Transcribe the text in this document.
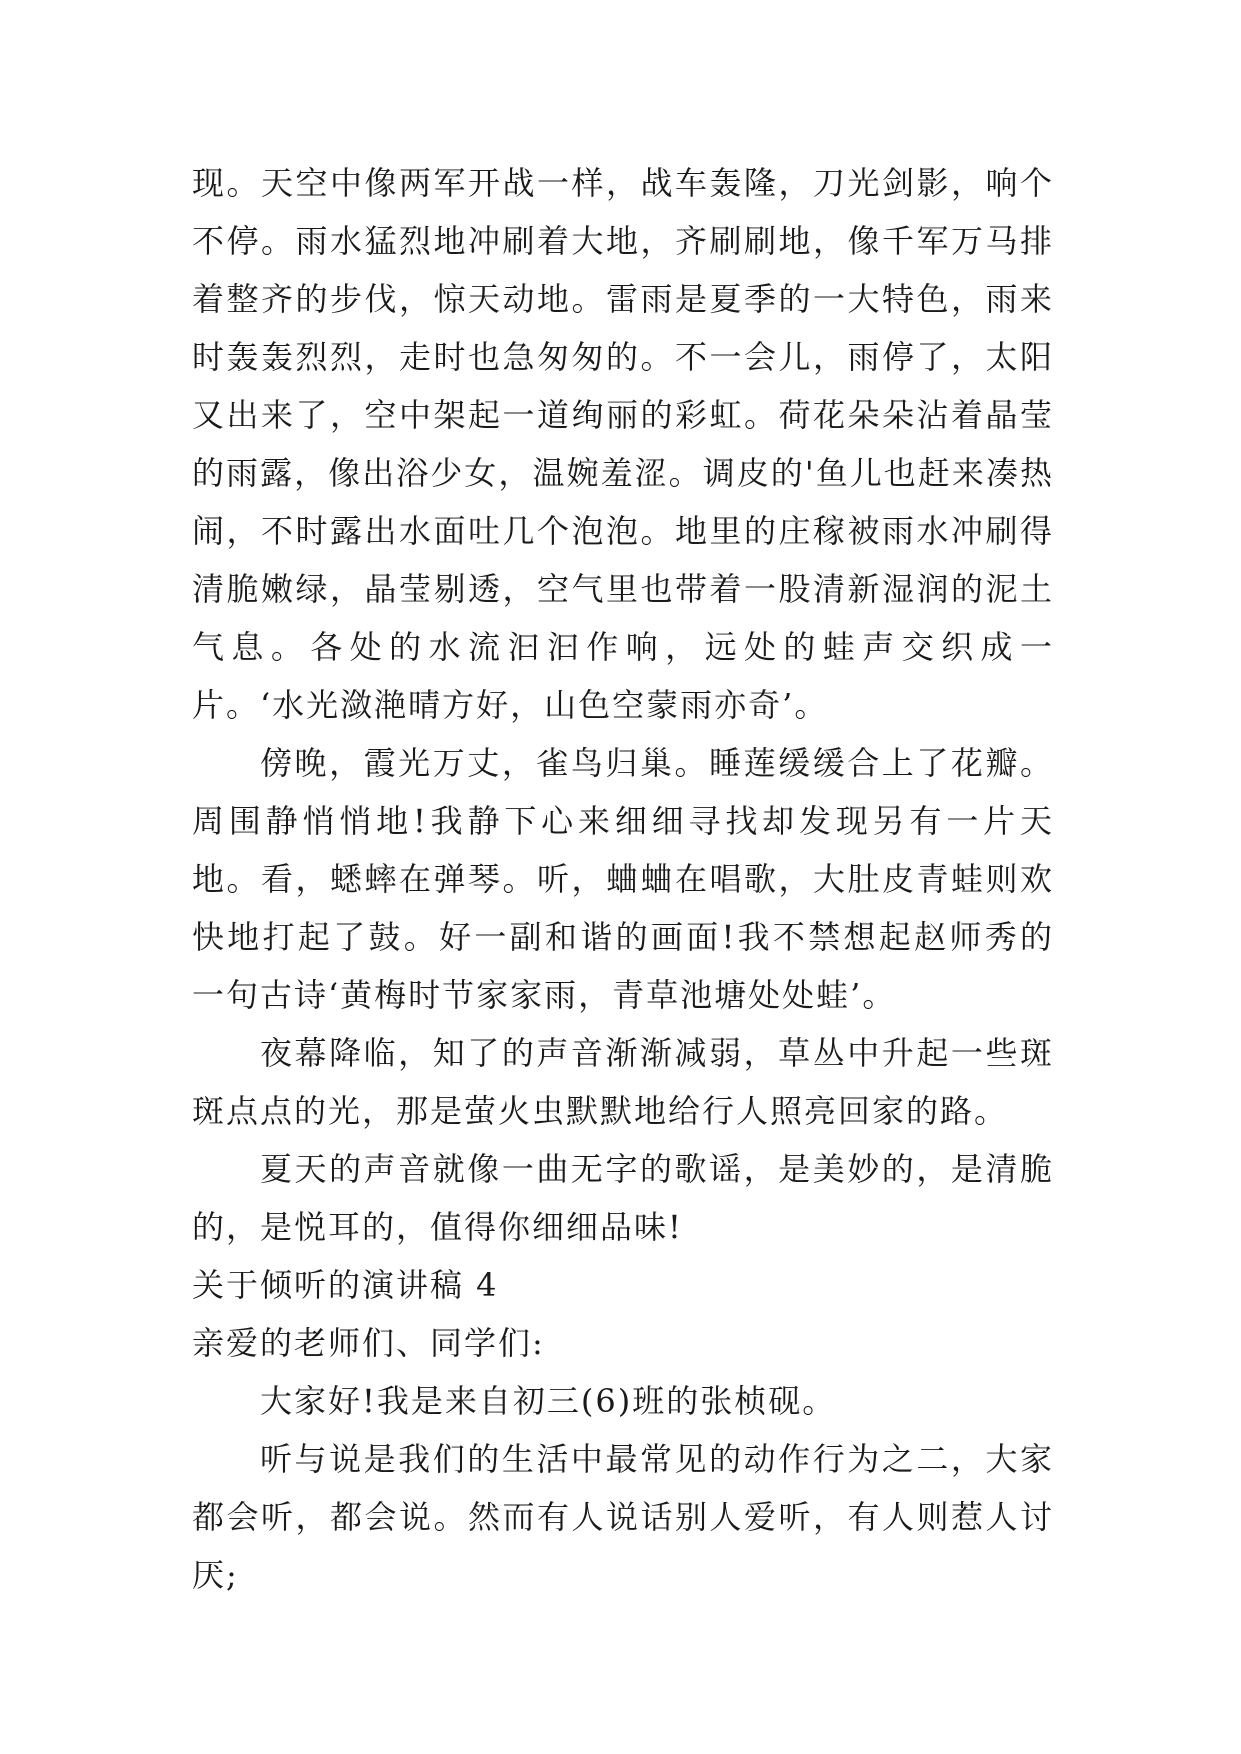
现。天空中像两军开战一样，战车轰隆，刀光剑影，响个不停。雨水猛烈地冲刷着大地，齐刷刷地，像千军万马排着整齐的步伐，惊天动地。雷雨是夏季的一大特色，雨来时轰轰烈烈，走时也急匆匆的。不一会儿，雨停了，太阳又出来了，空中架起一道绚丽的彩虹。荷花朵朵沾着晶莹的雨露，像出浴少女，温婉羞涩。调皮的'鱼儿也赶来凑热闹，不时露出水面吐几个泡泡。地里的庄稼被雨水冲刷得清脆嫩绿，晶莹剔透，空气里也带着一股清新湿润的泥土气息。各处的水流汩汩作响，远处的蛙声交织成一片。‘水光潋滟晴方好，山色空蒙雨亦奇’。

傍晚，霞光万丈，雀鸟归巢。睡莲缓缓合上了花瓣。周围静悄悄地!我静下心来细细寻找却发现另有一片天地。看，蟋蟀在弹琴。听，蛐蛐在唱歌，大肚皮青蛙则欢快地打起了鼓。好一副和谐的画面!我不禁想起赵师秀的一句古诗‘黄梅时节家家雨，青草池塘处处蛙’。

夜幕降临，知了的声音渐渐减弱，草丛中升起一些斑斑点点的光，那是萤火虫默默地给行人照亮回家的路。

夏天的声音就像一曲无字的歌谣，是美妙的，是清脆的，是悦耳的，值得你细细品味!

关于倾听的演讲稿 4

亲爱的老师们、同学们:

大家好!我是来自初三(6)班的张桢砚。

听与说是我们的生活中最常见的动作行为之二，大家都会听，都会说。然而有人说话别人爱听，有人则惹人讨厌;
